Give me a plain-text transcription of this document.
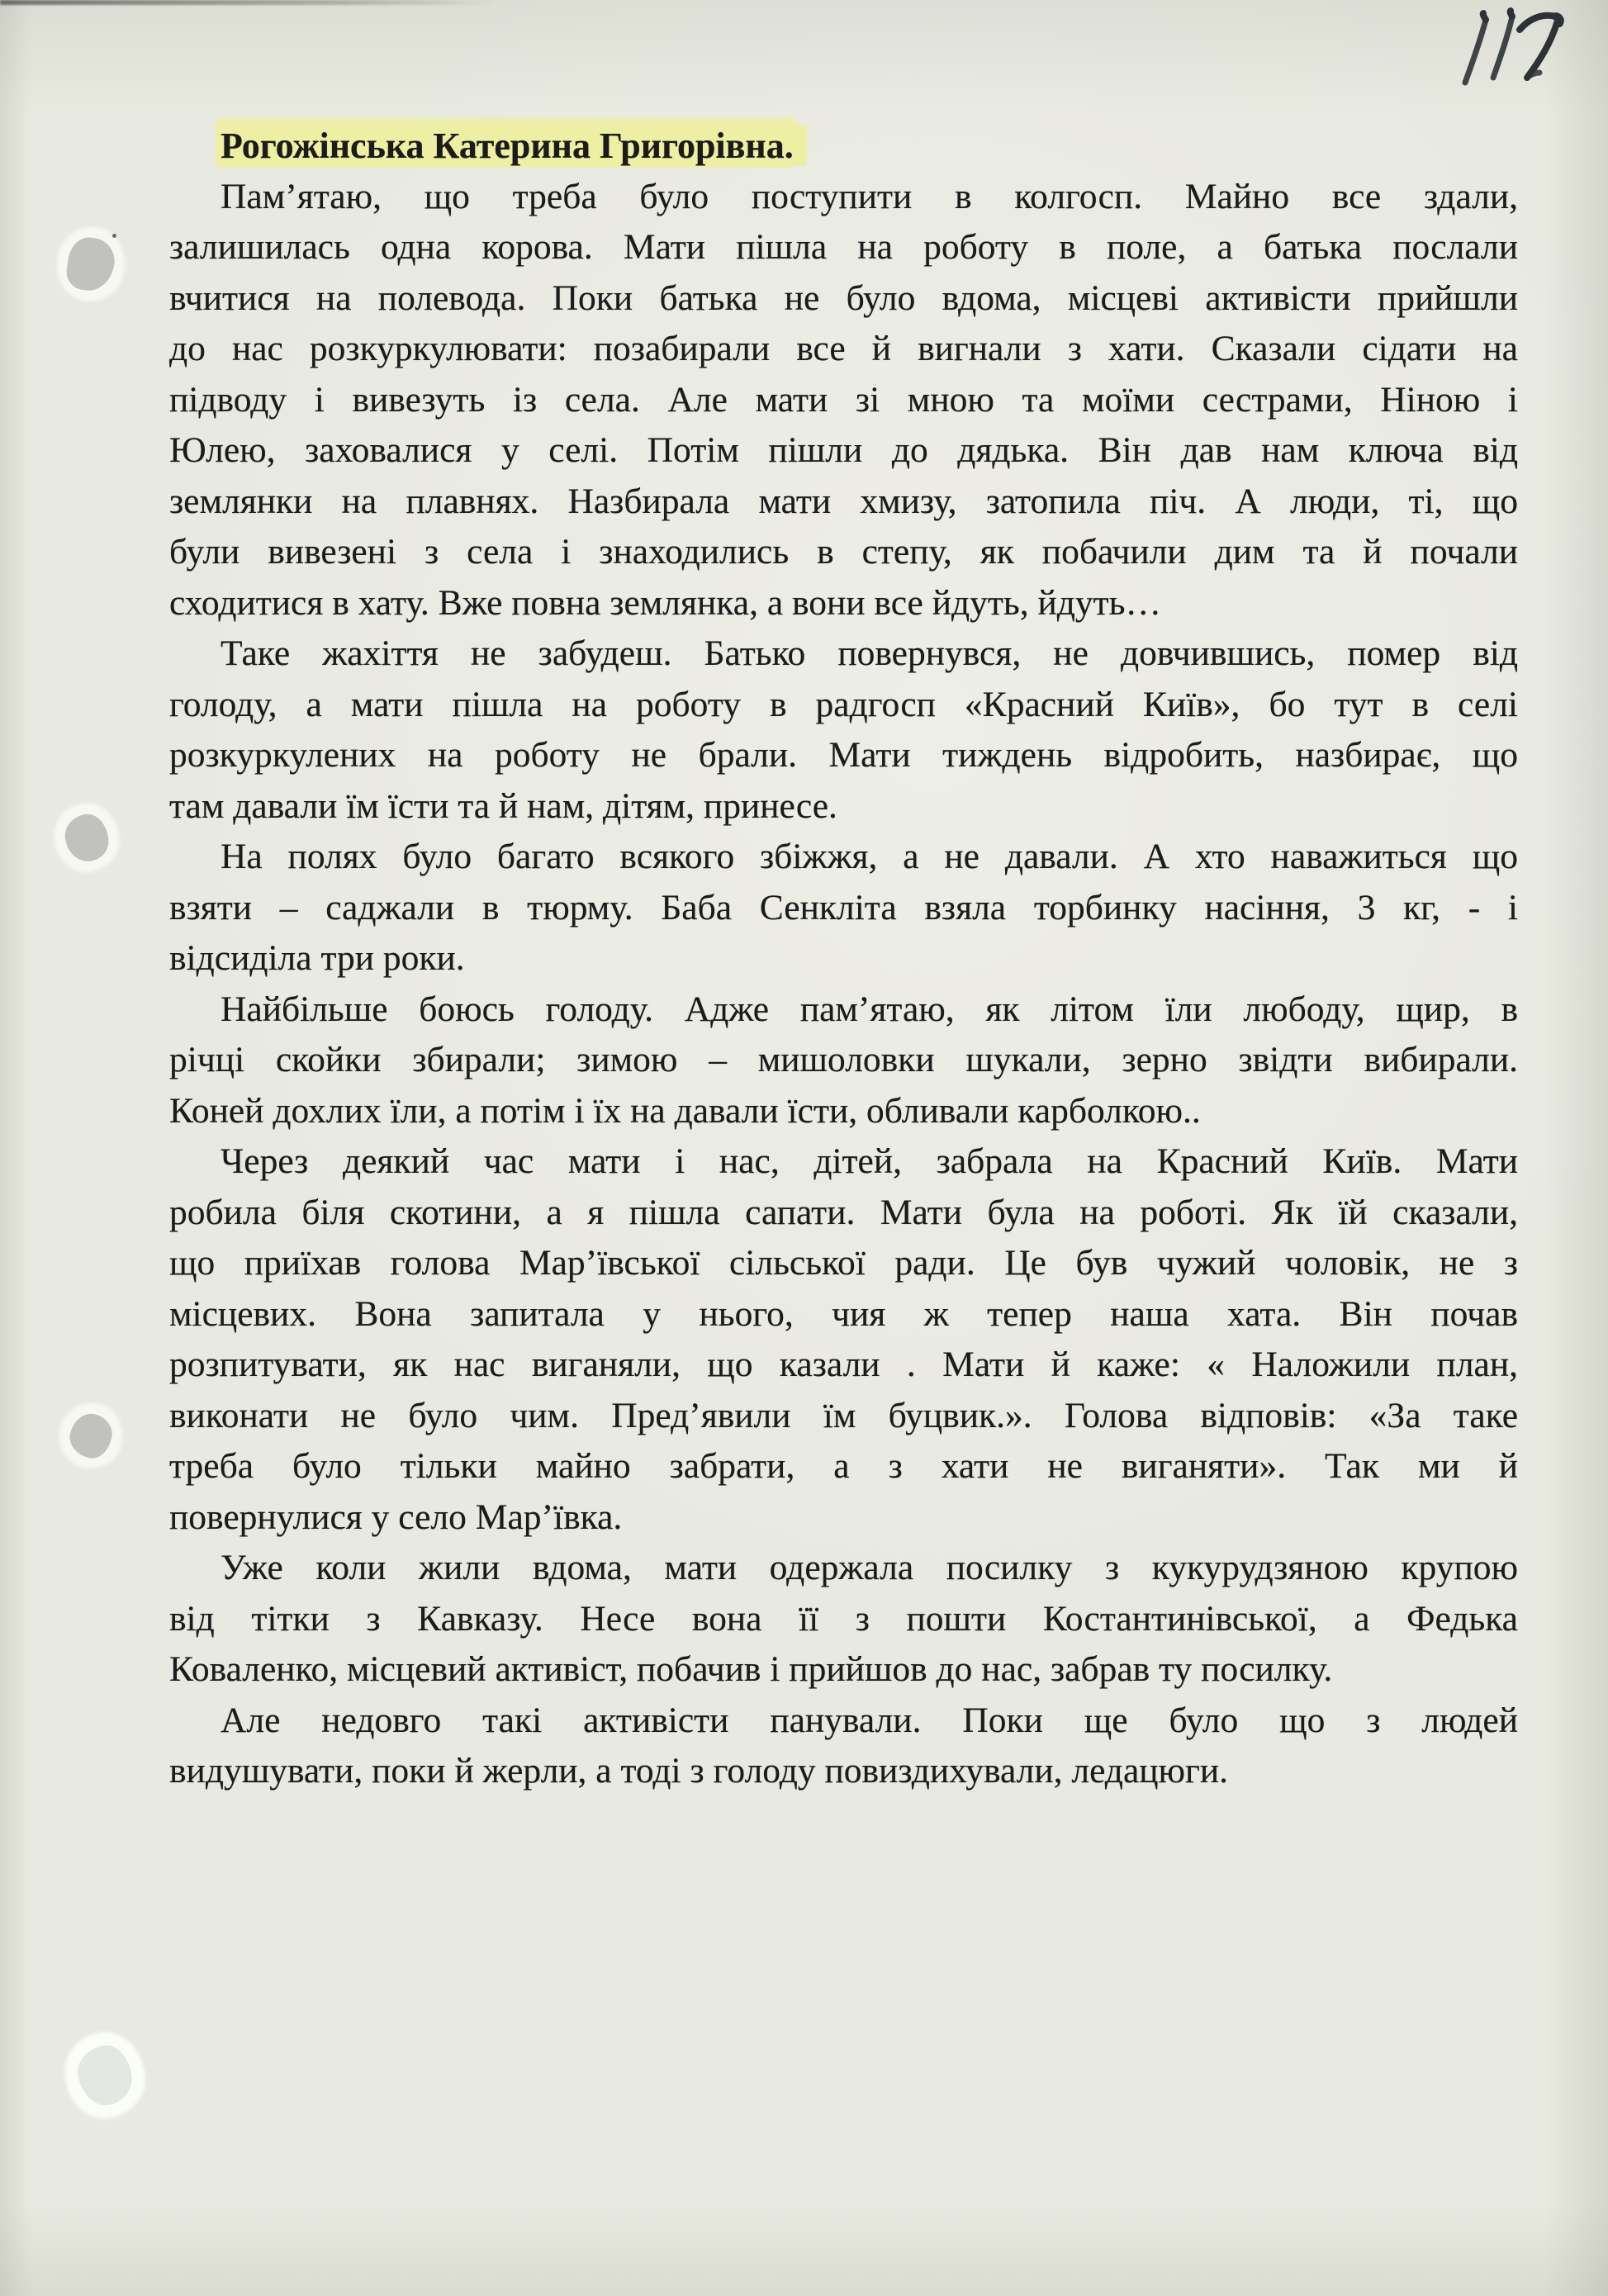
Рогожінська Катерина Григорівна.
Пам’ятаю, що треба було поступити в колгосп. Майно все здали,
залишилась одна корова. Мати пішла на роботу в поле, а батька послали
вчитися на полевода. Поки батька не було вдома, місцеві активісти прийшли
до нас розкуркулювати: позабирали все й вигнали з хати. Сказали сідати на
підводу і вивезуть із села. Але мати зі мною та моїми сестрами, Ніною і
Юлею, заховалися у селі. Потім пішли до дядька. Він дав нам ключа від
землянки на плавнях. Назбирала мати хмизу, затопила піч. А люди, ті, що
були вивезені з села і знаходились в степу, як побачили дим та й почали
сходитися в хату. Вже повна землянка, а вони все йдуть, йдуть…
Таке жахіття не забудеш. Батько повернувся, не довчившись, помер від
голоду, а мати пішла на роботу в радгосп «Красний Київ», бо тут в селі
розкуркулених на роботу не брали. Мати тиждень відробить, назбирає, що
там давали їм їсти та й нам, дітям, принесе.
На полях було багато всякого збіжжя, а не давали. А хто наважиться що
взяти – саджали в тюрму. Баба Сенкліта взяла торбинку насіння, 3 кг, - і
відсиділа три роки.
Найбільше боюсь голоду. Адже пам’ятаю, як літом їли любоду, щир, в
річці скойки збирали; зимою – мишоловки шукали, зерно звідти вибирали.
Коней дохлих їли, а потім і їх на давали їсти, обливали карболкою..
Через деякий час мати і нас, дітей, забрала на Красний Київ. Мати
робила біля скотини, а я пішла сапати. Мати була на роботі. Як їй сказали,
що приїхав голова Мар’ївської сільської ради. Це був чужий чоловік, не з
місцевих. Вона запитала у нього, чия ж тепер наша хата. Він почав
розпитувати, як нас виганяли, що казали . Мати й каже: « Наложили план,
виконати не було чим. Пред’явили їм буцвик.». Голова відповів: «За таке
треба було тільки майно забрати, а з хати не виганяти». Так ми й
повернулися у село Мар’ївка.
Уже коли жили вдома, мати одержала посилку з кукурудзяною крупою
від тітки з Кавказу. Несе вона її з пошти Костантинівської, а Федька
Коваленко, місцевий активіст, побачив і прийшов до нас, забрав ту посилку.
Але недовго такі активісти панували. Поки ще було що з людей
видушувати, поки й жерли, а тоді з голоду повиздихували, ледацюги.
